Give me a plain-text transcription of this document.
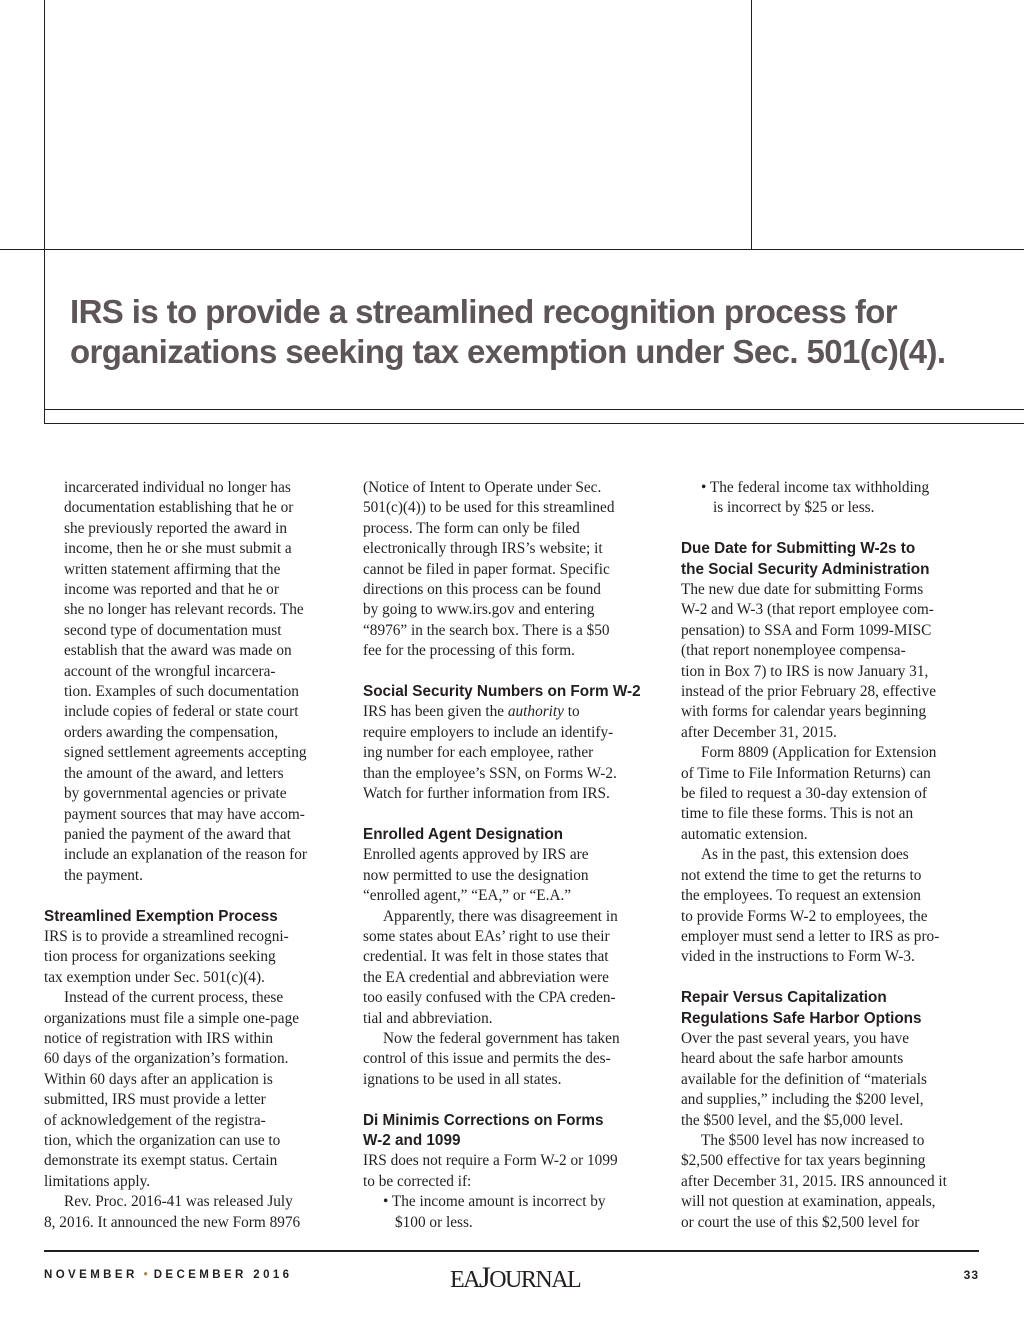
IRS is to provide a streamlined recognition process for
organizations seeking tax exemption under Sec. 501(c)(4).

incarcerated individual no longer has

documentation establishing that he or

she previously reported the award in

income, then he or she must submit a

written statement affirming that the

income was reported and that he or

she no longer has relevant records. The

second type of documentation must

establish that the award was made on

account of the wrongful incarcera-

tion. Examples of such documentation

include copies of federal or state court

orders awarding the compensation,

signed settlement agreements accepting

the amount of the award, and letters

by governmental agencies or private

payment sources that may have accom-

panied the payment of the award that

include an explanation of the reason for

the payment.

Streamlined Exemption Process

IRS is to provide a streamlined recogni-

tion process for organizations seeking

tax exemption under Sec. 501(c)(4).

Instead of the current process, these

organizations must file a simple one-page

notice of registration with IRS within

60 days of the organization’s formation.

Within 60 days after an application is

submitted, IRS must provide a letter

of acknowledgement of the registra-

tion, which the organization can use to

demonstrate its exempt status. Certain

limitations apply.

Rev. Proc. 2016-41 was released July

8, 2016. It announced the new Form 8976

(Notice of Intent to Operate under Sec.

501(c)(4)) to be used for this streamlined

process. The form can only be filed

electronically through IRS’s website; it

cannot be filed in paper format. Specific

directions on this process can be found

by going to www.irs.gov and entering

“8976” in the search box. There is a $50

fee for the processing of this form.

Social Security Numbers on Form W-2

IRS has been given the authority to

require employers to include an identify-

ing number for each employee, rather

than the employee’s SSN, on Forms W-2.

Watch for further information from IRS.

Enrolled Agent Designation

Enrolled agents approved by IRS are

now permitted to use the designation

“enrolled agent,” “EA,” or “E.A.”

Apparently, there was disagreement in

some states about EAs’ right to use their

credential. It was felt in those states that

the EA credential and abbreviation were

too easily confused with the CPA creden-

tial and abbreviation.

Now the federal government has taken

control of this issue and permits the des-

ignations to be used in all states.

Di Minimis Corrections on Forms

W-2 and 1099

IRS does not require a Form W-2 or 1099

to be corrected if:

• The income amount is incorrect by

$100 or less.

• The federal income tax withholding

is incorrect by $25 or less.

Due Date for Submitting W-2s to

the Social Security Administration

The new due date for submitting Forms

W-2 and W-3 (that report employee com-

pensation) to SSA and Form 1099-MISC

(that report nonemployee compensa-

tion in Box 7) to IRS is now January 31,

instead of the prior February 28, effective

with forms for calendar years beginning

after December 31, 2015.

Form 8809 (Application for Extension

of Time to File Information Returns) can

be filed to request a 30-day extension of

time to file these forms. This is not an

automatic extension.

As in the past, this extension does

not extend the time to get the returns to

the employees. To request an extension

to provide Forms W-2 to employees, the

employer must send a letter to IRS as pro-

vided in the instructions to Form W-3.

Repair Versus Capitalization

Regulations Safe Harbor Options

Over the past several years, you have

heard about the safe harbor amounts

available for the definition of “materials

and supplies,” including the $200 level,

the $500 level, and the $5,000 level.

The $500 level has now increased to

$2,500 effective for tax years beginning

after December 31, 2015. IRS announced it

will not question at examination, appeals,

or court the use of this $2,500 level for

NOVEMBER • DECEMBER 2016	EAJOURNAL	33
